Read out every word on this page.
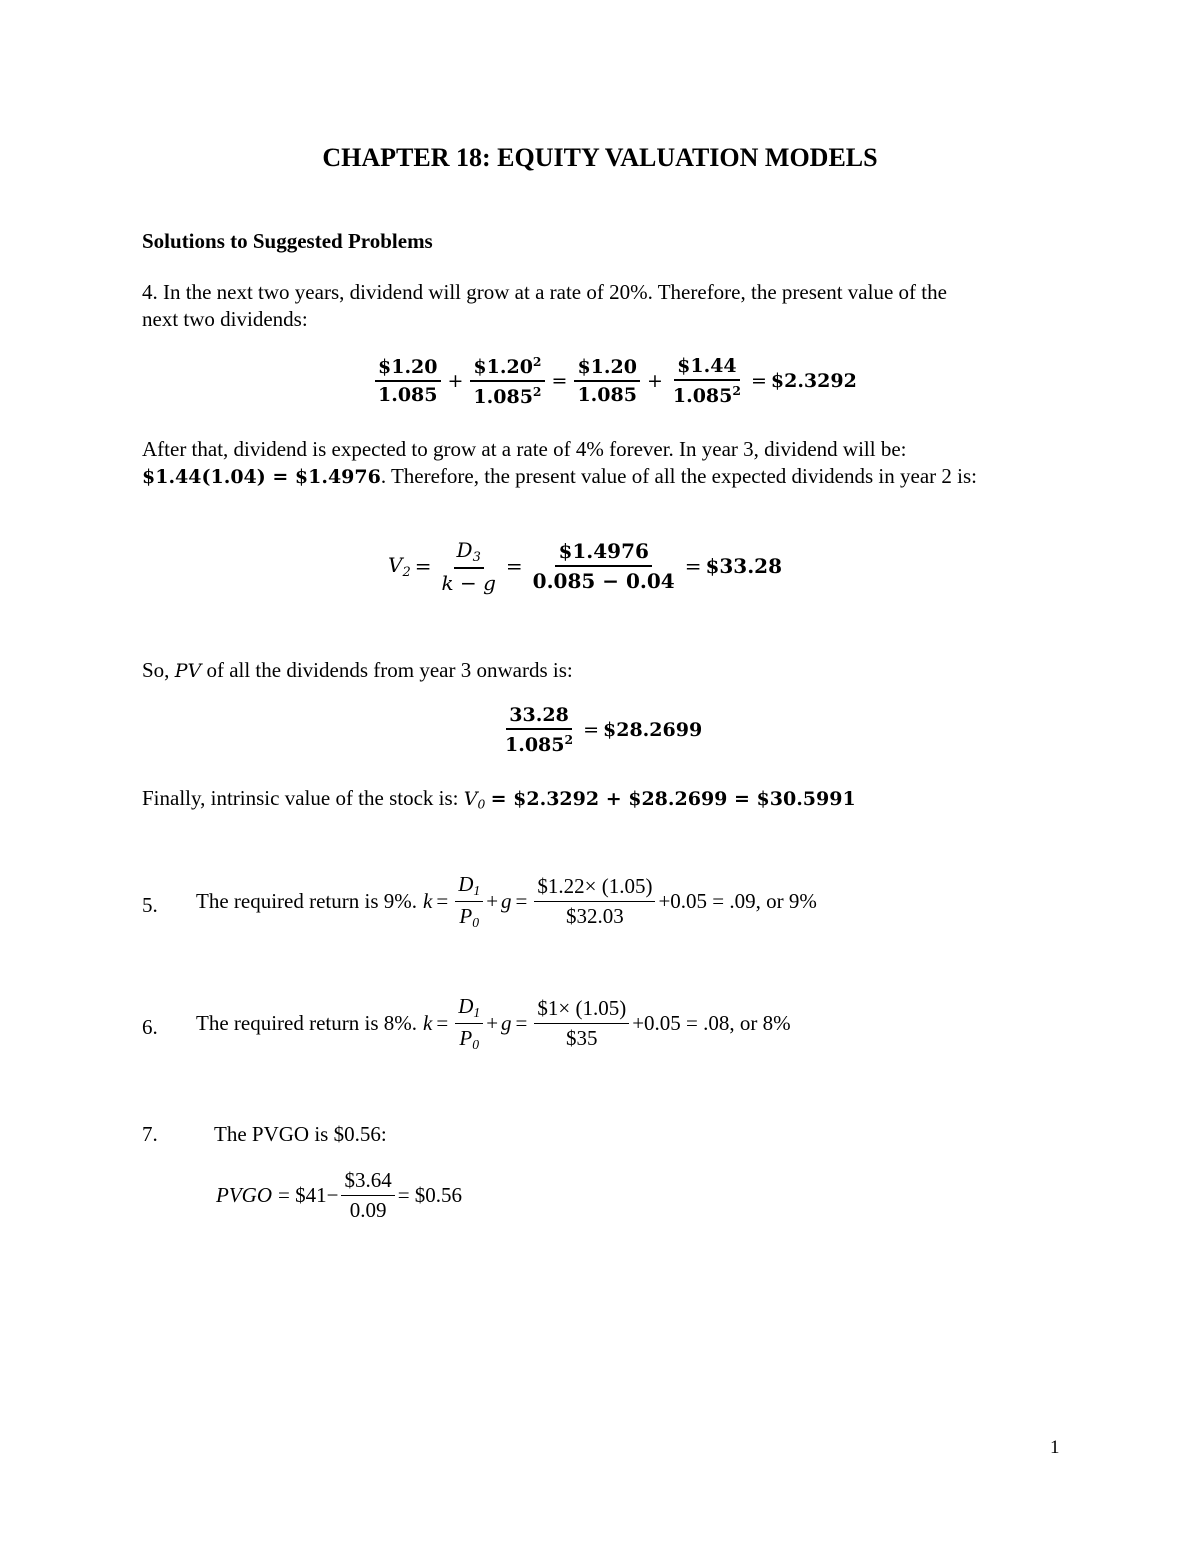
CHAPTER 18: EQUITY VALUATION MODELS
Solutions to Suggested Problems
4. In the next two years, dividend will grow at a rate of 20%. Therefore, the present value of the
next two dividends:
$\frac{\$1.20}{1.085} + \frac{\$1.20^2}{1.085^2} = \frac{\$1.20}{1.085} + \frac{\$1.44}{1.085^2}$ = $2.3292
After that, dividend is expected to grow at a rate of 4% forever. In year 3, dividend will be:
$1.44(1.04) = $1.4976. Therefore, the present value of all the expected dividends in year 2 is:
$V_2 = \frac{D_3}{k - g} = \frac{\$1.4976}{0.085 - 0.04}$ = $33.28
So, PV of all the dividends from year 3 onwards is:
$\frac{33.28}{1.085^2}$ = $28.2699
Finally, intrinsic value of the stock is: $V_0$ = $2.3292 + $28.2699 = $30.5991
5. The required return is 9%. $k = \frac{D_1}{P_0} + g = \frac{\$1.22\times (1.05)}{\$32.03} +0.05 = .09$, or 9%
6. The required return is 8%. $k = \frac{D_1}{P_0} + g = \frac{\$1\times (1.05)}{\$35} +0.05 = .08$, or 8%
7.	The PVGO is $0.56:
PVGO = $41− $\frac{\$3.64}{0.09}$ = $0.56
1
